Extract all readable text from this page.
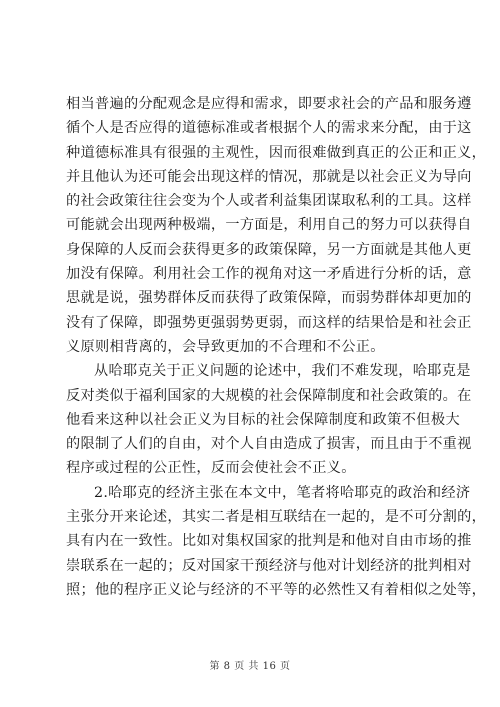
相当普遍的分配观念是应得和需求，即要求社会的产品和服务遵
循个人是否应得的道德标准或者根据个人的需求来分配，由于这
种道德标准具有很强的主观性，因而很难做到真正的公正和正义，
并且他认为还可能会出现这样的情况，那就是以社会正义为导向
的社会政策往往会变为个人或者利益集团谋取私利的工具。这样
可能就会出现两种极端，一方面是，利用自己的努力可以获得自
身保障的人反而会获得更多的政策保障，另一方面就是其他人更
加没有保障。利用社会工作的视角对这一矛盾进行分析的话，意
思就是说，强势群体反而获得了政策保障，而弱势群体却更加的
没有了保障，即强势更强弱势更弱，而这样的结果恰是和社会正
义原则相背离的，会导致更加的不合理和不公正。
从哈耶克关于正义问题的论述中，我们不难发现，哈耶克是
反对类似于福利国家的大规模的社会保障制度和社会政策的。在
他看来这种以社会正义为目标的社会保障制度和政策不但极大
的限制了人们的自由，对个人自由造成了损害，而且由于不重视
程序或过程的公正性，反而会使社会不正义。
2.哈耶克的经济主张在本文中，笔者将哈耶克的政治和经济
主张分开来论述，其实二者是相互联结在一起的，是不可分割的，
具有内在一致性。比如对集权国家的批判是和他对自由市场的推
崇联系在一起的；反对国家干预经济与他对计划经济的批判相对
照；他的程序正义论与经济的不平等的必然性又有着相似之处等，
第 8 页 共 16 页
